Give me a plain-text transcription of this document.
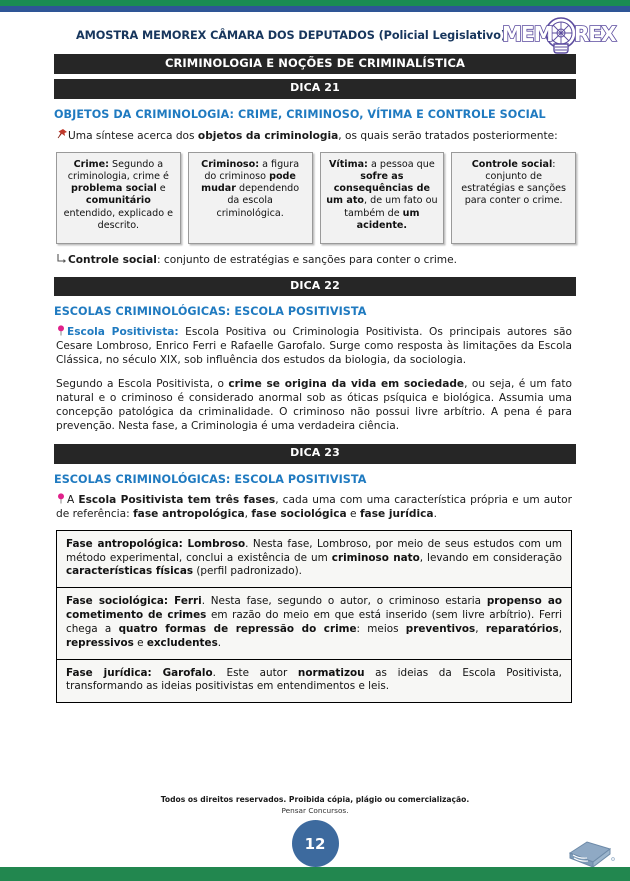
AMOSTRA MEMOREX CÂMARA DOS DEPUTADOS (Policial Legislativo)
MEM REX
CRIMINOLOGIA E NOÇÕES DE CRIMINALÍSTICA
DICA 21
OBJETOS DA CRIMINOLOGIA: CRIME, CRIMINOSO, VÍTIMA E CONTROLE SOCIAL
Uma síntese acerca dos objetos da criminologia, os quais serão tratados posteriormente:
Crime: Segundo a criminologia, crime é problema social e comunitário entendido, explicado e descrito.
Criminoso: a figura do criminoso pode mudar dependendo da escola criminológica.
Vítima: a pessoa que sofre as consequências de um ato, de um fato ou também de um acidente.
Controle social: conjunto de estratégias e sanções para conter o crime.
Controle social: conjunto de estratégias e sanções para conter o crime.
DICA 22
ESCOLAS CRIMINOLÓGICAS: ESCOLA POSITIVISTA
Escola Positivista: Escola Positiva ou Criminologia Positivista. Os principais autores são Cesare Lombroso, Enrico Ferri e Rafaelle Garofalo. Surge como resposta às limitações da Escola Clássica, no século XIX, sob influência dos estudos da biologia, da sociologia.
Segundo a Escola Positivista, o crime se origina da vida em sociedade, ou seja, é um fato natural e o criminoso é considerado anormal sob as óticas psíquica e biológica. Assumia uma concepção patológica da criminalidade. O criminoso não possui livre arbítrio. A pena é para prevenção. Nesta fase, a Criminologia é uma verdadeira ciência.
DICA 23
ESCOLAS CRIMINOLÓGICAS: ESCOLA POSITIVISTA
A Escola Positivista tem três fases, cada uma com uma característica própria e um autor de referência: fase antropológica, fase sociológica e fase jurídica.
Fase antropológica: Lombroso. Nesta fase, Lombroso, por meio de seus estudos com um método experimental, conclui a existência de um criminoso nato, levando em consideração características físicas (perfil padronizado).
Fase sociológica: Ferri. Nesta fase, segundo o autor, o criminoso estaria propenso ao cometimento de crimes em razão do meio em que está inserido (sem livre arbítrio). Ferri chega a quatro formas de repressão do crime: meios preventivos, reparatórios, repressivos e excludentes.
Fase jurídica: Garofalo. Este autor normatizou as ideias da Escola Positivista, transformando as ideias positivistas em entendimentos e leis.
Todos os direitos reservados. Proibida cópia, plágio ou comercialização.
Pensar Concursos.
12
